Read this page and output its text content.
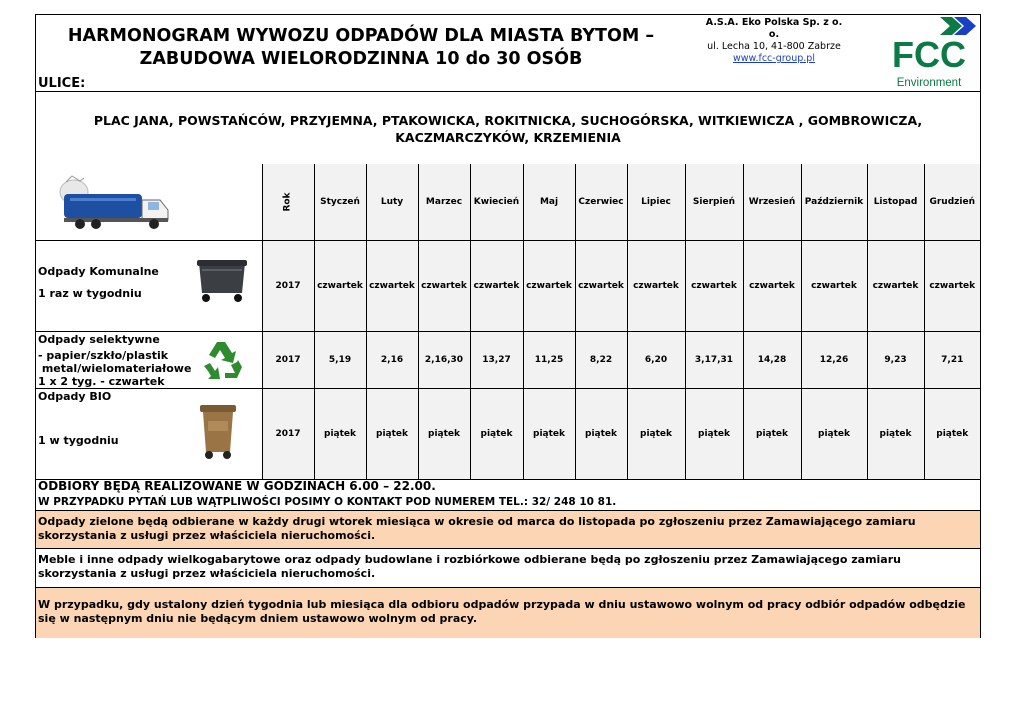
HARMONOGRAM WYWOZU ODPADÓW DLA MIASTA BYTOM –
ZABUDOWA WIELORODZINNA 10 do 30 OSÓB
ULICE:
A.S.A. Eko Polska Sp. z o. o.
ul. Lecha 10, 41-800 Zabrze
www.fcc-group.pl	FCC
Environment
PLAC JANA, POWSTAŃCÓW, PRZYJEMNA, PTAKOWICKA, ROKITNICKA, SUCHOGÓRSKA, WITKIEWICZA , GOMBROWICZA,
KACZMARCZYKÓW, KRZEMIENIA
	Rok	Styczeń	Luty	Marzec	Kwiecień	Maj	Czerwiec	Lipiec	Sierpień	Wrzesień	Październik	Listopad	Grudzień

Odpady Komunalne
1 raz w tygodniu	2017	czwartek	czwartek	czwartek	czwartek	czwartek	czwartek	czwartek	czwartek	czwartek	czwartek	czwartek	czwartek

Odpady selektywne
- papier/szkło/plastik
metal/wielomateriałowe
1 x 2 tyg. - czwartek	2017	5,19	2,16	2,16,30	13,27	11,25	8,22	6,20	3,17,31	14,28	12,26	9,23	7,21

Odpady BIO
1 w tygodniu	2017	piątek	piątek	piątek	piątek	piątek	piątek	piątek	piątek	piątek	piątek	piątek	piątek
ODBIORY BĘDĄ REALIZOWANE W GODZINACH 6.00 – 22.00.
W PRZYPADKU PYTAŃ LUB WĄTPLIWOŚCI POSIMY O KONTAKT POD NUMEREM TEL.: 32/ 248 10 81.
Odpady zielone będą odbierane w każdy drugi wtorek miesiąca w okresie od marca do listopada po zgłoszeniu przez Zamawiającego zamiaru skorzystania z usługi przez właściciela nieruchomości.
Meble i inne odpady wielkogabarytowe oraz odpady budowlane i rozbiórkowe odbierane będą po zgłoszeniu przez Zamawiającego zamiaru skorzystania z usługi przez właściciela nieruchomości.
W przypadku, gdy ustalony dzień tygodnia lub miesiąca dla odbioru odpadów przypada w dniu ustawowo wolnym od pracy odbiór odpadów odbędzie się w następnym dniu nie będącym dniem ustawowo wolnym od pracy.
